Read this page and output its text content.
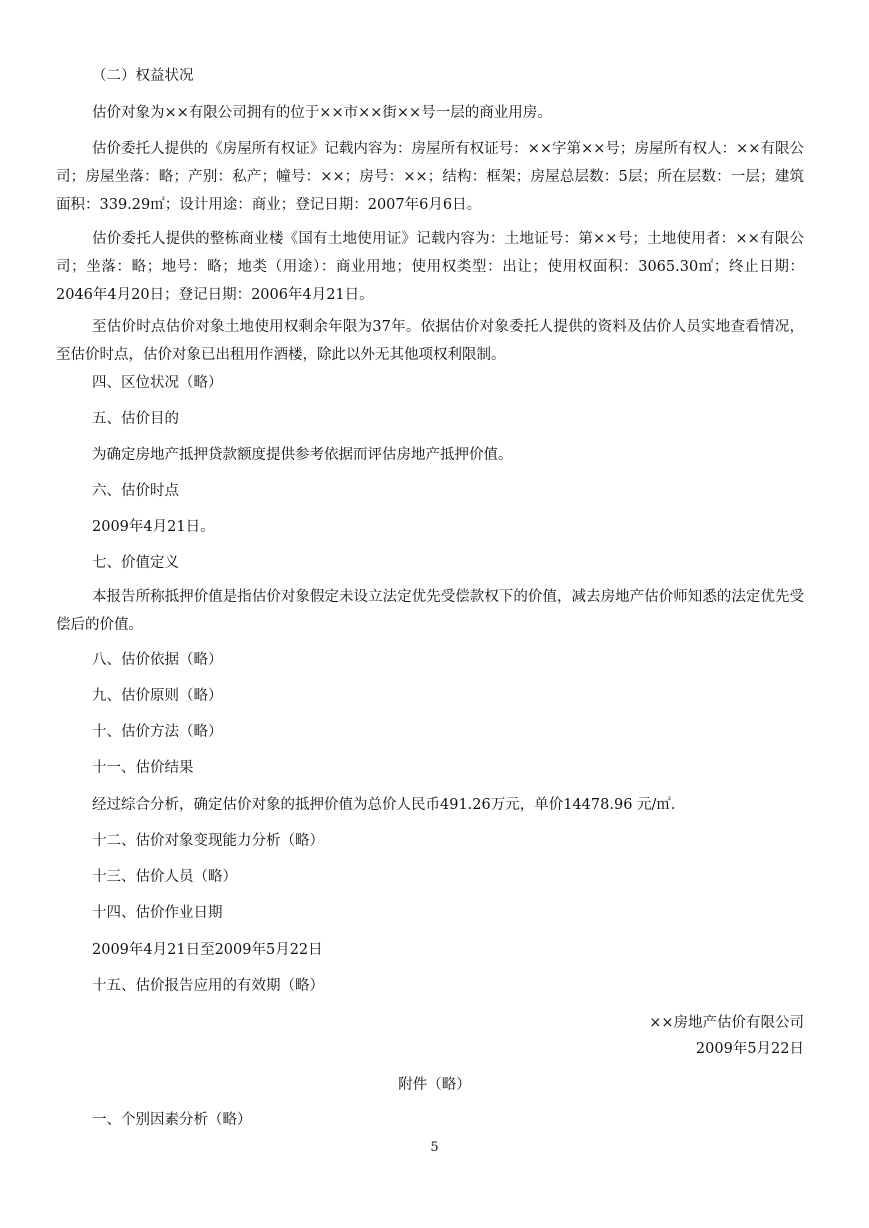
（二）权益状况
估价对象为××有限公司拥有的位于××市××街××号一层的商业用房。
估价委托人提供的《房屋所有权证》记载内容为：房屋所有权证号：××字第××号；房屋所有权人：××有限公司；房屋坐落：略；产别：私产；幢号：××；房号：××；结构：框架；房屋总层数：5层；所在层数：一层；建筑面积：339.29㎡；设计用途：商业；登记日期：2007年6月6日。
估价委托人提供的整栋商业楼《国有土地使用证》记载内容为：土地证号：第××号；土地使用者：××有限公司；坐落：略；地号：略；地类（用途）：商业用地；使用权类型：出让；使用权面积：3065.30㎡；终止日期：2046年4月20日；登记日期：2006年4月21日。
至估价时点估价对象土地使用权剩余年限为37年。依据估价对象委托人提供的资料及估价人员实地查看情况，至估价时点，估价对象已出租用作酒楼，除此以外无其他项权利限制。
四、区位状况（略）
五、估价目的
为确定房地产抵押贷款额度提供参考依据而评估房地产抵押价值。
六、估价时点
2009年4月21日。
七、价值定义
本报告所称抵押价值是指估价对象假定未设立法定优先受偿款权下的价值，减去房地产估价师知悉的法定优先受偿后的价值。
八、估价依据（略）
九、估价原则（略）
十、估价方法（略）
十一、估价结果
经过综合分析，确定估价对象的抵押价值为总价人民币491.26万元，单价14478.96 元/㎡.
十二、估价对象变现能力分析（略）
十三、估价人员（略）
十四、估价作业日期
2009年4月21日至2009年5月22日
十五、估价报告应用的有效期（略）
××房地产估价有限公司
2009年5月22日
附件（略）
一、个别因素分析（略）
5
